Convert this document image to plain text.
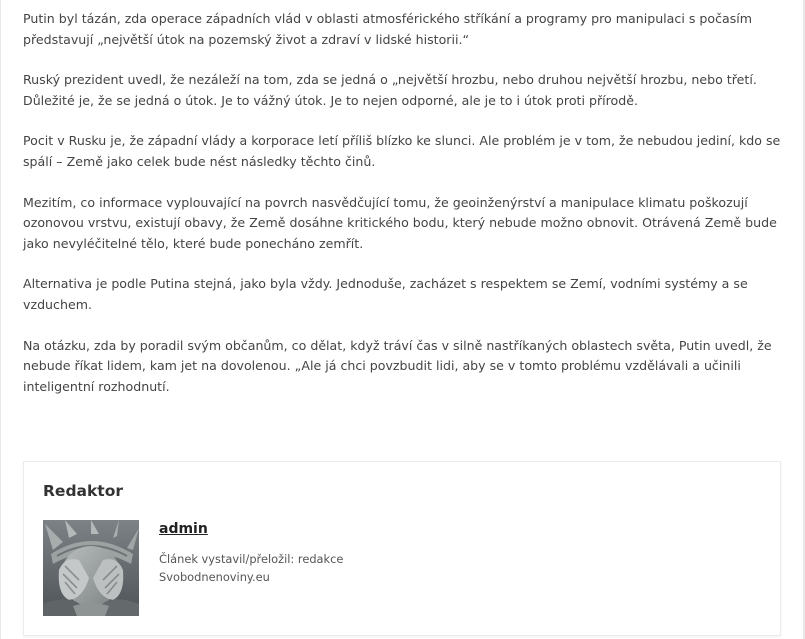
Putin byl tázán, zda operace západních vlád v oblasti atmosférického stříkání a programy pro manipulaci s počasím představují „největší útok na pozemský život a zdraví v lidské historii.“

Ruský prezident uvedl, že nezáleží na tom, zda se jedná o „největší hrozbu, nebo druhou největší hrozbu, nebo třetí. Důležité je, že se jedná o útok. Je to vážný útok. Je to nejen odporné, ale je to i útok proti přírodě.

Pocit v Rusku je, že západní vlády a korporace letí příliš blízko ke slunci. Ale problém je v tom, že nebudou jediní, kdo se spálí – Země jako celek bude nést následky těchto činů.

Mezitím, co informace vyplouvající na povrch nasvědčující tomu, že geoinženýrství a manipulace klimatu poškozují ozonovou vrstvu, existují obavy, že Země dosáhne kritického bodu, který nebude možno obnovit. Otrávená Země bude jako nevyléčitelné tělo, které bude ponecháno zemřít.

Alternativa je podle Putina stejná, jako byla vždy. Jednoduše, zacházet s respektem se Zemí, vodními systémy a se vzduchem.

Na otázku, zda by poradil svým občanům, co dělat, když tráví čas v silně nastříkaných oblastech světa, Putin uvedl, že nebude říkat lidem, kam jet na dovolenou. „Ale já chci povzbudit lidi, aby se v tomto problému vzdělávali a učinili inteligentní rozhodnutí.

Redaktor
admin
Článek vystavil/přeložil: redakce
Svobodnenoviny.eu
